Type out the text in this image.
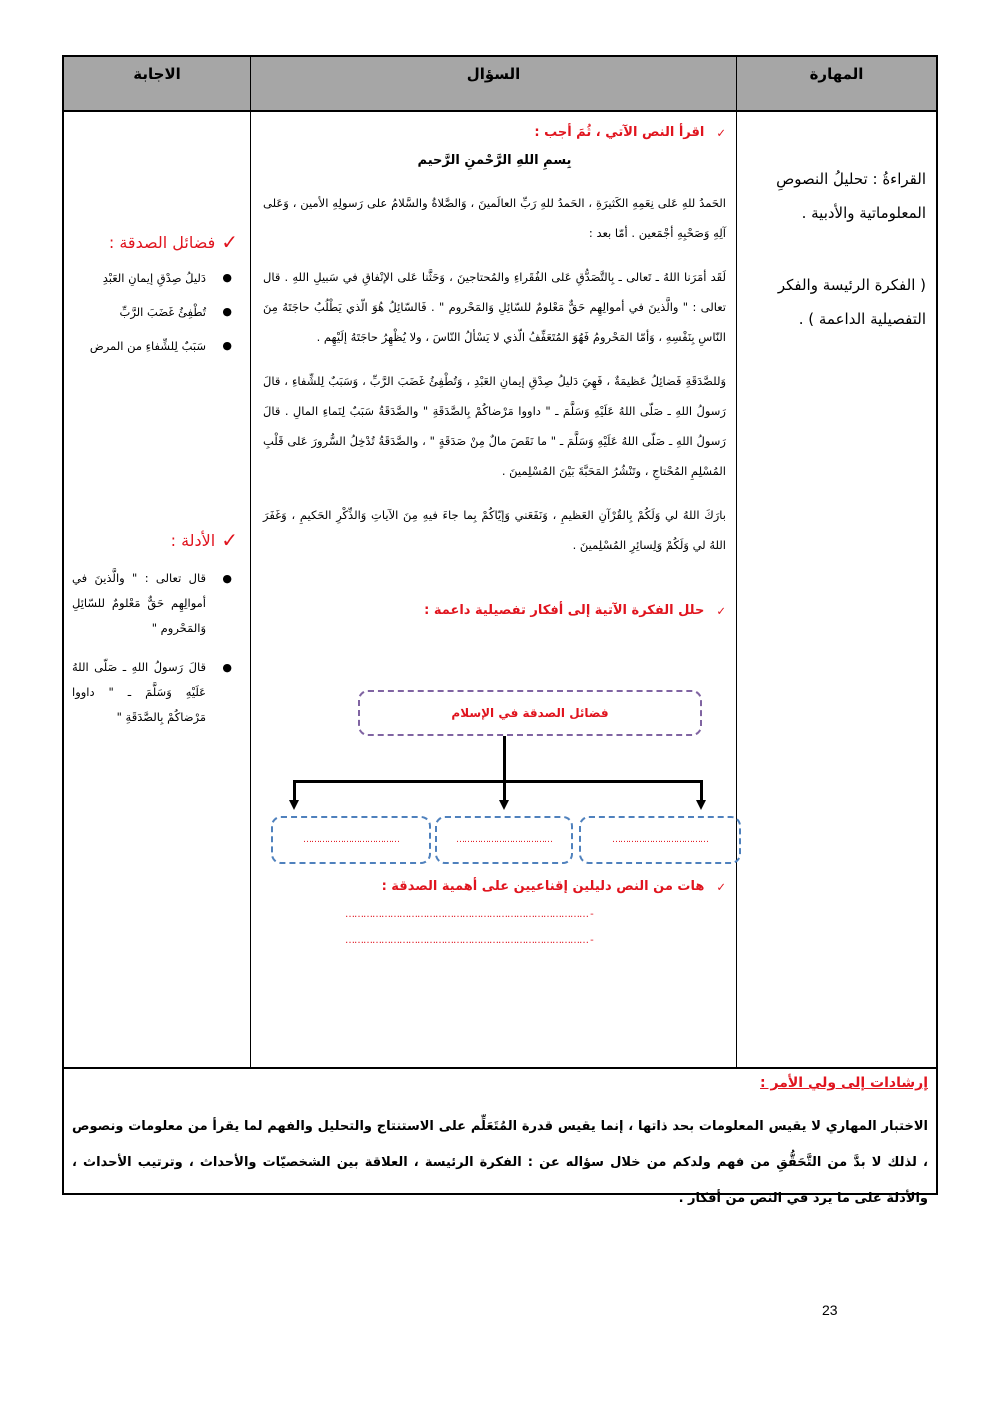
المهارة
السؤال
الاجابة
القراءةُ : تحليلُ النصوصِ المعلوماتية والأدبية .
( الفكرة الرئيسة والفكر التفصيلية الداعمة ) .
✓
اقرأ النص الآتي ، ثُمَ أجب :
بِسمِ اللهِ الرَّحْمنِ الرَّحيم

الحَمدُ للهِ عَلى نِعَمِهِ الكَثيرَةِ ، الحَمدُ للهِ رَبِّ العالَمينَ ، وَالصَّلاةُ والسَّلامُ على رَسولِهِ الأمين ، وَعَلى آلِهِ وَصَحْبِهِ أجْمَعين . أمّا بعد :

لَقَد أمَرَنا اللهُ ـ تَعالى ـ بِالتَّصَدُّقِ عَلى الفُقَراءِ والمُحتاجينَ ، وَحَثَّنا عَلى الإنْفاقِ في سَبيلِ اللهِ . قال تعالى : " والَّذينَ في أموالِهِم حَقٌّ مَعْلومٌ للسّائِلِ وَالمَحْروم " . فَالسّائِلُ هُوَ الّذي يَطْلُبُ حاجَتَهُ مِنَ النّاسِ بِنَفْسِهِ ، وَأمّا المَحْرومُ فَهُوَ المُتَعَفِّفُ الّذي لا يَسْألُ النّاسَ ، ولا يُظْهِرُ حاجَتَهُ إلَيْهِم .

وَللصَّدَقَةِ فَضائِلُ عَظيمَةٌ ، فَهِيَ دَليلُ صِدْقِ إيمانِ العَبْدِ ، وَتُطْفِئُ غَضَبَ الرَّبِّ ، وَسَبَبٌ لِلشِّفاءِ ، قالَ رَسولُ اللهِ ـ صَلّى اللهُ عَلَيْهِ وَسَلَّمَ ـ " داووا مَرْضاكُمْ بِالصَّدَقَةِ " والصَّدَقَةُ سَبَبٌ لِنَماءِ المالِ . قالَ رَسولُ اللهِ ـ صَلّى اللهُ عَلَيْهِ وَسَلَّمَ ـ " ما نَقَصَ مالٌ مِنْ صَدَقَةٍ " ، والصَّدَقَةُ تُدْخِلُ السُّرورَ عَلى قَلْبِ المُسْلِمِ المُحْتاجِ ، وتَنْشُرُ المَحَبَّةَ بَيْنَ المُسْلِمينَ .

بارَكَ اللهُ لي وَلَكُمْ بِالقُرْآنِ العَظيمِ ، وَنَفَعَني وَإيّاكُمْ بِما جاءَ فيهِ مِنَ الآياتِ وَالذِّكْرِ الحَكيمِ ، وَغَفَرَ اللهُ لي وَلَكُمْ وَلِسائِرِ المُسْلِمينَ .

✓
حلل الفكرة الآتية إلى أفكار تفصيلية داعمة :
فضائل الصدقة في الإسلام
………………………………	………………………………	………………………………
✓
هات من النص دليلين إقناعيين على أهمية الصدقة :
- ………………………………………………………………………
- ………………………………………………………………………
✓
فضائل الصدقة :
● دَليلُ صِدْقِ إيمانِ العَبْدِ
● تُطْفِئُ غَضَبَ الرَّبِّ
● سَبَبٌ لِلشِّفاءِ من المرض
✓
الأدلة :
● قال تعالى : " والَّذينَ في أموالِهِم حَقٌّ مَعْلومٌ للسّائِلِ وَالمَحْروم "
● قالَ رَسولُ اللهِ ـ صَلّى اللهُ عَلَيْهِ وَسَلَّمَ ـ " داووا مَرْضاكُمْ بِالصَّدَقَةِ "
إرشادات إلى ولي الأمر :
الاختبار المهاري لا يقيس المعلومات بحد ذاتها ، إنما يقيس قدرة المُتَعَلِّم على الاستنتاج والتحليل والفهم لما يقرأ من معلومات ونصوص ، لذلك لا بدَّ من التَّحَقُّقِ من فهم ولدكم من خلال سؤاله عن : الفكرة الرئيسة ، العلاقة بين الشخصيّات والأحداث ، وترتيب الأحداث ، والأدلة على ما يرد في النص من أفكار .
23
